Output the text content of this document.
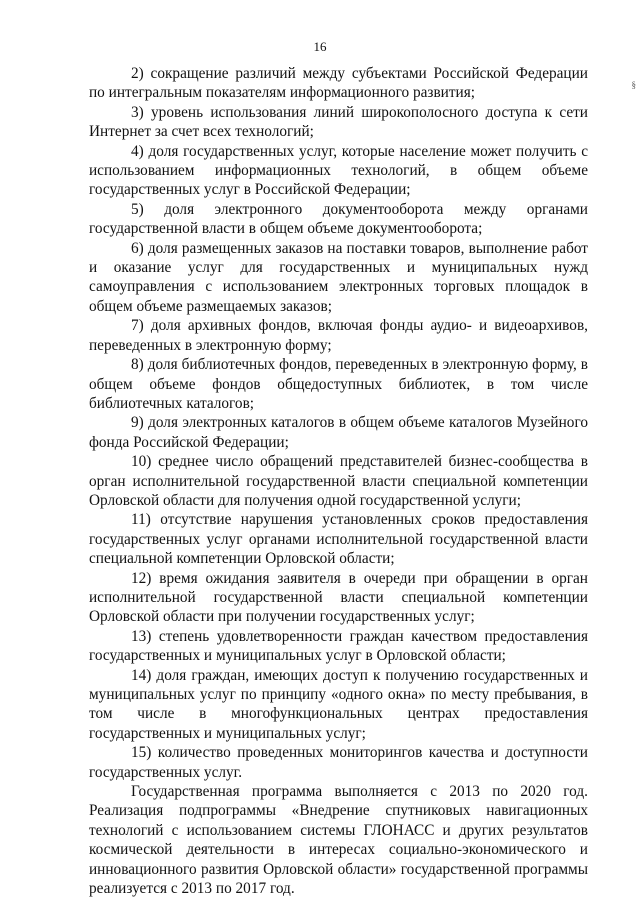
16
§

2) сокращение различий между субъектами Российской Федерации по интегральным показателям информационного развития;

3) уровень использования линий широкополосного доступа к сети Интернет за счет всех технологий;

4) доля государственных услуг, которые население может получить с использованием информационных технологий, в общем объеме государственных услуг в Российской Федерации;

5) доля электронного документооборота между органами государственной власти в общем объеме документооборота;

6) доля размещенных заказов на поставки товаров, выполнение работ и оказание услуг для государственных и муниципальных нужд самоуправления с использованием электронных торговых площадок в общем объеме размещаемых заказов;

7) доля архивных фондов, включая фонды аудио- и видеоархивов, переведенных в электронную форму;

8) доля библиотечных фондов, переведенных в электронную форму, в общем объеме фондов общедоступных библиотек, в том числе библиотечных каталогов;

9) доля электронных каталогов в общем объеме каталогов Музейного фонда Российской Федерации;

10) среднее число обращений представителей бизнес-сообщества в орган исполнительной государственной власти специальной компетенции Орловской области для получения одной государственной услуги;

11) отсутствие нарушения установленных сроков предоставления государственных услуг органами исполнительной государственной власти специальной компетенции Орловской области;

12) время ожидания заявителя в очереди при обращении в орган исполнительной государственной власти специальной компетенции Орловской области при получении государственных услуг;

13) степень удовлетворенности граждан качеством предоставления государственных и муниципальных услуг в Орловской области;

14) доля граждан, имеющих доступ к получению государственных и муниципальных услуг по принципу «одного окна» по месту пребывания, в том числе в многофункциональных центрах предоставления государственных и муниципальных услуг;

15) количество проведенных мониторингов качества и доступности государственных услуг.

Государственная программа выполняется с 2013 по 2020 год. Реализация подпрограммы «Внедрение спутниковых навигационных технологий с использованием системы ГЛОНАСС и других результатов космической деятельности в интересах социально-экономического и инновационного развития Орловской области» государственной программы реализуется с 2013 по 2017 год.
